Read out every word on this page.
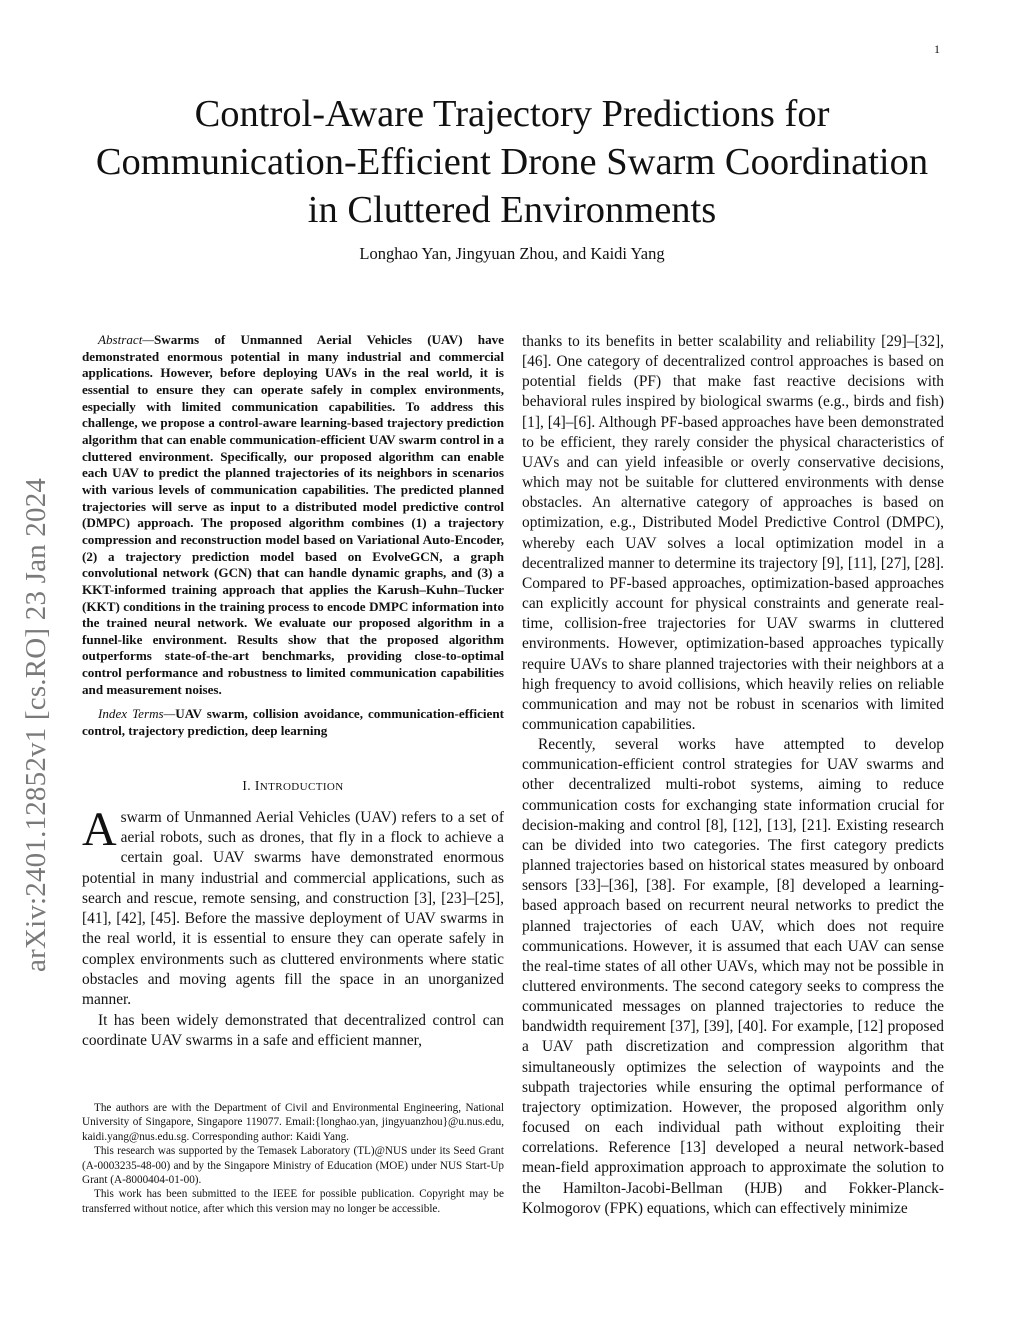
1
arXiv:2401.12852v1 [cs.RO] 23 Jan 2024
Control-Aware Trajectory Predictions for
Communication-Efficient Drone Swarm Coordination
in Cluttered Environments
Longhao Yan, Jingyuan Zhou, and Kaidi Yang

Abstract—Swarms of Unmanned Aerial Vehicles (UAV) have demonstrated enormous potential in many industrial and commercial applications. However, before deploying UAVs in the real world, it is essential to ensure they can operate safely in complex environments, especially with limited communication capabilities. To address this challenge, we propose a control-aware learning-based trajectory prediction algorithm that can enable communication-efficient UAV swarm control in a cluttered environment. Specifically, our proposed algorithm can enable each UAV to predict the planned trajectories of its neighbors in scenarios with various levels of communication capabilities. The predicted planned trajectories will serve as input to a distributed model predictive control (DMPC) approach. The proposed algorithm combines (1) a trajectory compression and reconstruction model based on Variational Auto-Encoder, (2) a trajectory prediction model based on EvolveGCN, a graph convolutional network (GCN) that can handle dynamic graphs, and (3) a KKT-informed training approach that applies the Karush–Kuhn–Tucker (KKT) conditions in the training process to encode DMPC information into the trained neural network. We evaluate our proposed algorithm in a funnel-like environment. Results show that the proposed algorithm outperforms state-of-the-art benchmarks, providing close-to-optimal control performance and robustness to limited communication capabilities and measurement noises.

Index Terms—UAV swarm, collision avoidance, communication-efficient control, trajectory prediction, deep learning

I. INTRODUCTION

Aswarm of Unmanned Aerial Vehicles (UAV) refers to a set of aerial robots, such as drones, that fly in a flock to achieve a certain goal. UAV swarms have demonstrated enormous potential in many industrial and commercial applications, such as search and rescue, remote sensing, and construction [3], [23]–[25], [41], [42], [45]. Before the massive deployment of UAV swarms in the real world, it is essential to ensure they can operate safely in complex environments such as cluttered environments where static obstacles and moving agents fill the space in an unorganized manner.

It has been widely demonstrated that decentralized control can coordinate UAV swarms in a safe and efficient manner,

The authors are with the Department of Civil and Environmental Engineering, National University of Singapore, Singapore 119077. Email:{longhao.yan, jingyuanzhou}@u.nus.edu, kaidi.yang@nus.edu.sg. Corresponding author: Kaidi Yang.

This research was supported by the Temasek Laboratory (TL)@NUS under its Seed Grant (A-0003235-48-00) and by the Singapore Ministry of Education (MOE) under NUS Start-Up Grant (A-8000404-01-00).

This work has been submitted to the IEEE for possible publication. Copyright may be transferred without notice, after which this version may no longer be accessible.

thanks to its benefits in better scalability and reliability [29]–[32], [46]. One category of decentralized control approaches is based on potential fields (PF) that make fast reactive decisions with behavioral rules inspired by biological swarms (e.g., birds and fish) [1], [4]–[6]. Although PF-based approaches have been demonstrated to be efficient, they rarely consider the physical characteristics of UAVs and can yield infeasible or overly conservative decisions, which may not be suitable for cluttered environments with dense obstacles. An alternative category of approaches is based on optimization, e.g., Distributed Model Predictive Control (DMPC), whereby each UAV solves a local optimization model in a decentralized manner to determine its trajectory [9], [11], [27], [28]. Compared to PF-based approaches, optimization-based approaches can explicitly account for physical constraints and generate real-time, collision-free trajectories for UAV swarms in cluttered environments. However, optimization-based approaches typically require UAVs to share planned trajectories with their neighbors at a high frequency to avoid collisions, which heavily relies on reliable communication and may not be robust in scenarios with limited communication capabilities.

Recently, several works have attempted to develop communication-efficient control strategies for UAV swarms and other decentralized multi-robot systems, aiming to reduce communication costs for exchanging state information crucial for decision-making and control [8], [12], [13], [21]. Existing research can be divided into two categories. The first category predicts planned trajectories based on historical states measured by onboard sensors [33]–[36], [38]. For example, [8] developed a learning-based approach based on recurrent neural networks to predict the planned trajectories of each UAV, which does not require communications. However, it is assumed that each UAV can sense the real-time states of all other UAVs, which may not be possible in cluttered environments. The second category seeks to compress the communicated messages on planned trajectories to reduce the bandwidth requirement [37], [39], [40]. For example, [12] proposed a UAV path discretization and compression algorithm that simultaneously optimizes the selection of waypoints and the subpath trajectories while ensuring the optimal performance of trajectory optimization. However, the proposed algorithm only focused on each individual path without exploiting their correlations. Reference [13] developed a neural network-based mean-field approximation approach to approximate the solution to the Hamilton-Jacobi-Bellman (HJB) and Fokker-Planck-Kolmogorov (FPK) equations, which can effectively minimize
